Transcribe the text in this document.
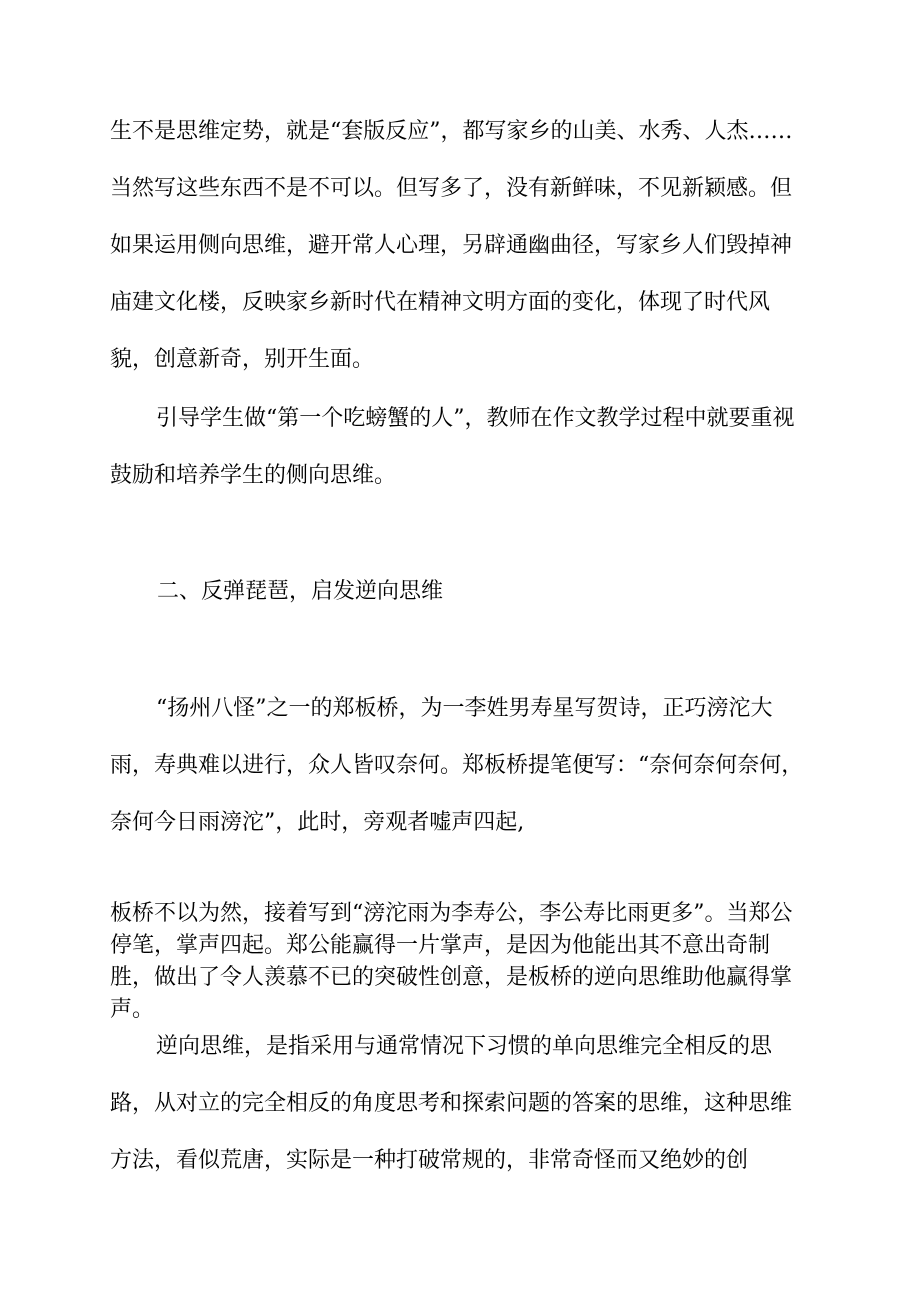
生不是思维定势，就是“套版反应”，都写家乡的山美、水秀、人杰……当然写这些东西不是不可以。但写多了，没有新鲜味，不见新颖感。但如果运用侧向思维，避开常人心理，另辟通幽曲径，写家乡人们毁掉神庙建文化楼，反映家乡新时代在精神文明方面的变化，体现了时代风貌，创意新奇，别开生面。

引导学生做“第一个吃螃蟹的人”，教师在作文教学过程中就要重视鼓励和培养学生的侧向思维。

二、反弹琵琶，启发逆向思维

“扬州八怪”之一的郑板桥，为一李姓男寿星写贺诗，正巧滂沱大雨，寿典难以进行，众人皆叹奈何。郑板桥提笔便写：“奈何奈何奈何，奈何今日雨滂沱”，此时，旁观者嘘声四起,

板桥不以为然，接着写到“滂沱雨为李寿公，李公寿比雨更多”。当郑公停笔，掌声四起。郑公能赢得一片掌声，是因为他能出其不意出奇制胜，做出了令人羡慕不已的突破性创意，是板桥的逆向思维助他赢得掌声。

逆向思维，是指采用与通常情况下习惯的单向思维完全相反的思路，从对立的完全相反的角度思考和探索问题的答案的思维，这种思维方法，看似荒唐，实际是一种打破常规的，非常奇怪而又绝妙的创
